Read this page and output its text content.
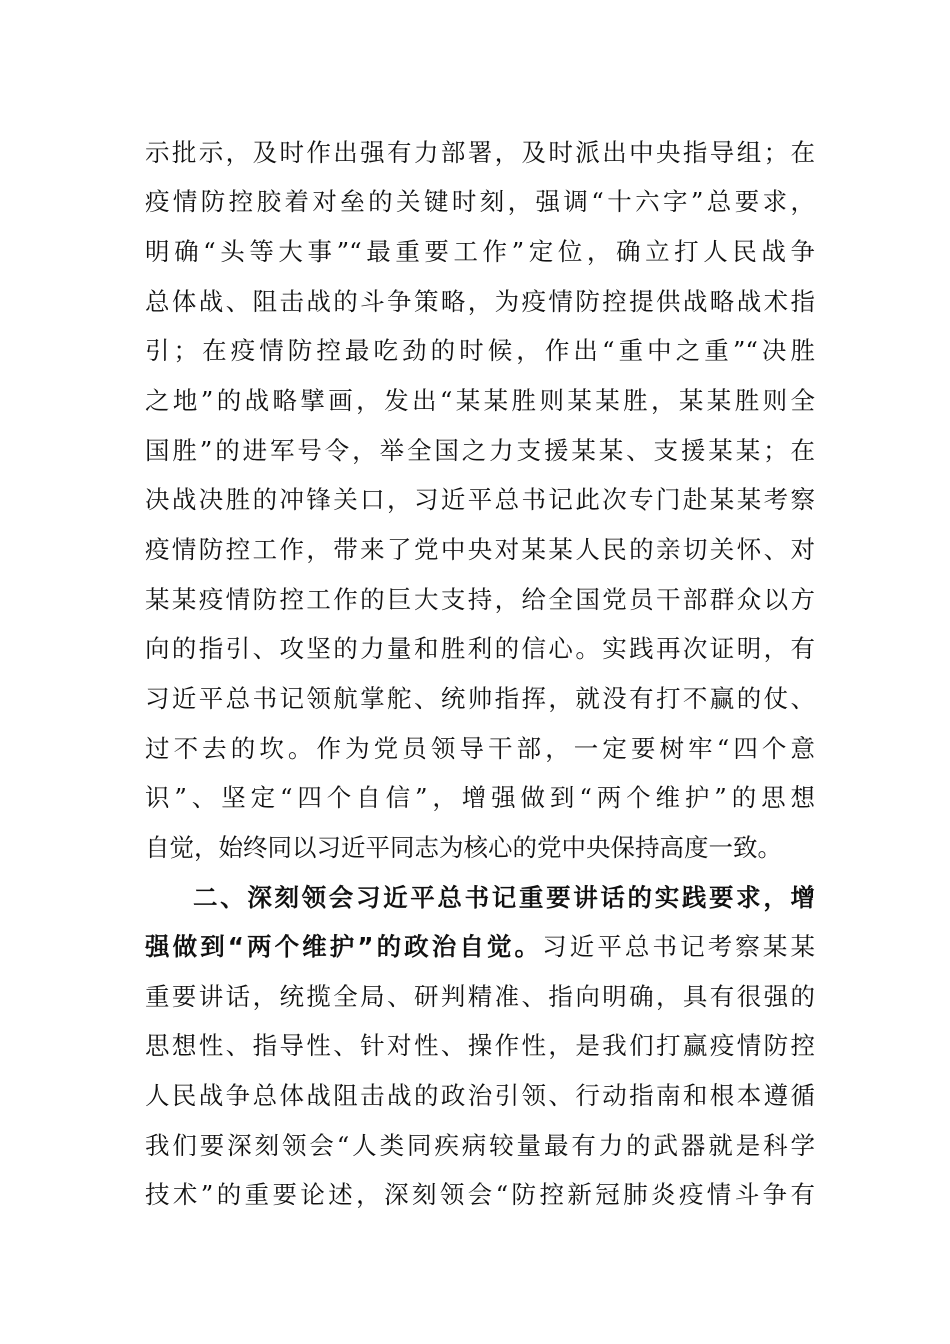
示批示，及时作出强有力部署，及时派出中央指导组；在
疫情防控胶着对垒的关键时刻，强调“十六字”总要求，
明确“头等大事”“最重要工作”定位，确立打人民战争
总体战、阻击战的斗争策略，为疫情防控提供战略战术指
引；在疫情防控最吃劲的时候，作出“重中之重”“决胜
之地”的战略擘画，发出“某某胜则某某胜，某某胜则全
国胜”的进军号令，举全国之力支援某某、支援某某；在
决战决胜的冲锋关口，习近平总书记此次专门赴某某考察
疫情防控工作，带来了党中央对某某人民的亲切关怀、对
某某疫情防控工作的巨大支持，给全国党员干部群众以方
向的指引、攻坚的力量和胜利的信心。实践再次证明，有
习近平总书记领航掌舵、统帅指挥，就没有打不赢的仗、
过不去的坎。作为党员领导干部，一定要树牢“四个意
识”、坚定“四个自信”，增强做到“两个维护”的思想
自觉，始终同以习近平同志为核心的党中央保持高度一致。
二、深刻领会习近平总书记重要讲话的实践要求，增
强做到“两个维护”的政治自觉。习近平总书记考察某某
重要讲话，统揽全局、研判精准、指向明确，具有很强的
思想性、指导性、针对性、操作性，是我们打赢疫情防控
人民战争总体战阻击战的政治引领、行动指南和根本遵循
我们要深刻领会“人类同疾病较量最有力的武器就是科学
技术”的重要论述，深刻领会“防控新冠肺炎疫情斗争有
